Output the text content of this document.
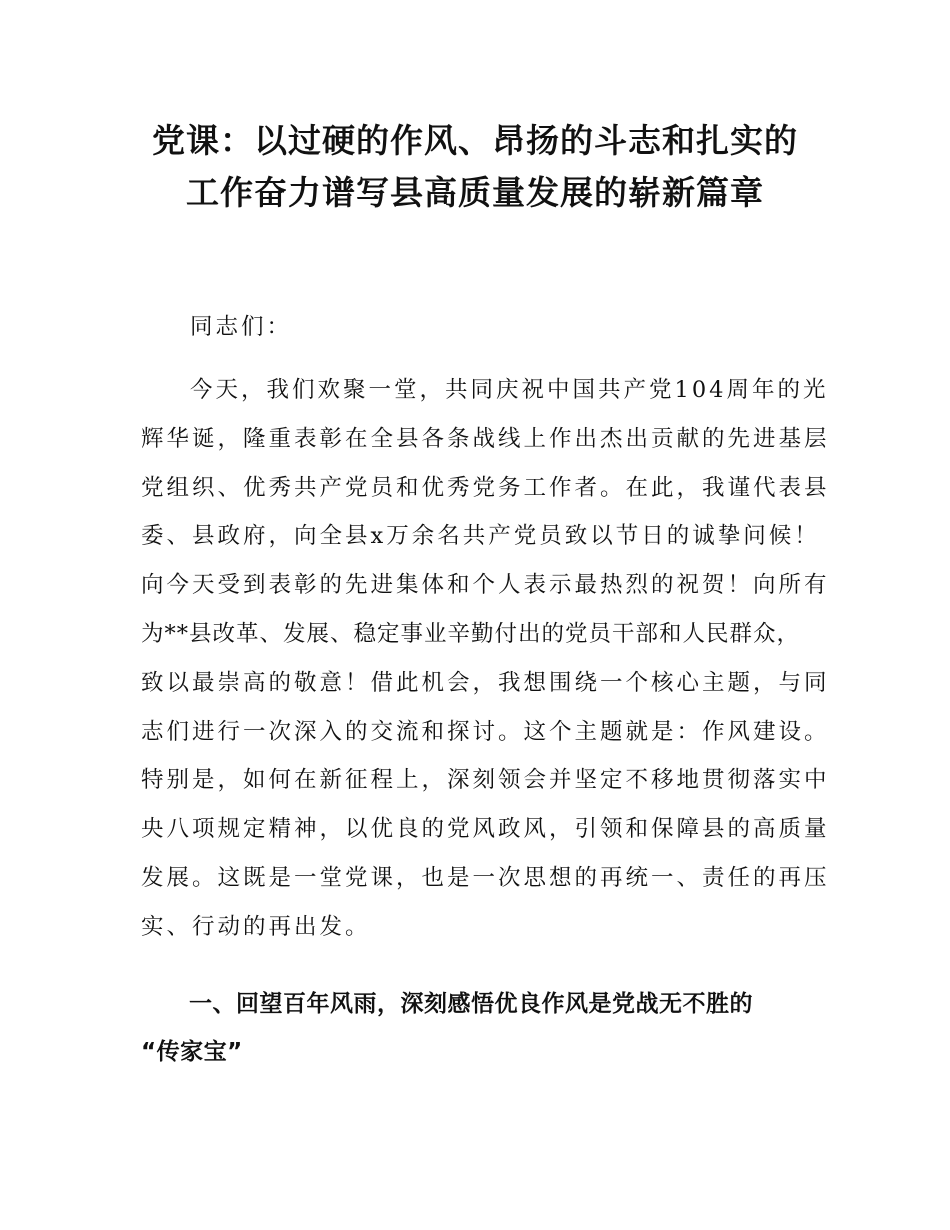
党课：以过硬的作风、昂扬的斗志和扎实的
工作奋力谱写县高质量发展的崭新篇章

同志们：

今天，我们欢聚一堂，共同庆祝中国共产党104周年的光
辉华诞，隆重表彰在全县各条战线上作出杰出贡献的先进基层
党组织、优秀共产党员和优秀党务工作者。在此，我谨代表县
委、县政府，向全县x万余名共产党员致以节日的诚挚问候！
向今天受到表彰的先进集体和个人表示最热烈的祝贺！向所有
为**县改革、发展、稳定事业辛勤付出的党员干部和人民群众，
致以最崇高的敬意！借此机会，我想围绕一个核心主题，与同
志们进行一次深入的交流和探讨。这个主题就是：作风建设。
特别是，如何在新征程上，深刻领会并坚定不移地贯彻落实中
央八项规定精神，以优良的党风政风，引领和保障县的高质量
发展。这既是一堂党课，也是一次思想的再统一、责任的再压
实、行动的再出发。
一、回望百年风雨，深刻感悟优良作风是党战无不胜的
“传家宝”
